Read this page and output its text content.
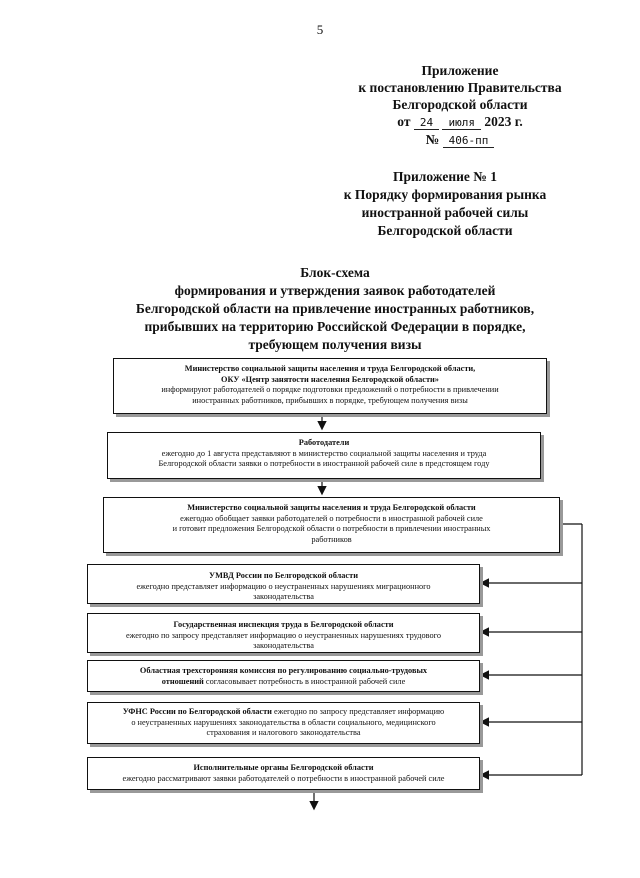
5
Приложение
к постановлению Правительства
Белгородской области
от 24 июля 2023 г.
№ 406-пп
Приложение № 1
к Порядку формирования рынка
иностранной рабочей силы
Белгородской области
Блок-схема
формирования и утверждения заявок работодателей
Белгородской области на привлечение иностранных работников,
прибывших на территорию Российской Федерации в порядке,
требующем получения визы
Министерство социальной защиты населения и труда Белгородской области,
ОКУ «Центр занятости населения Белгородской области»
информируют работодателей о порядке подготовки предложений о потребности в привлечении
иностранных работников, прибывших в порядке, требующем получения визы
Работодатели
ежегодно до 1 августа представляют в министерство социальной защиты населения и труда
Белгородской области заявки о потребности в иностранной рабочей силе в предстоящем году
Министерство социальной защиты населения и труда Белгородской области
ежегодно обобщает заявки работодателей о потребности в иностранной рабочей силе
и готовит предложения Белгородской области о потребности в привлечении иностранных
работников
УМВД России по Белгородской области
ежегодно представляет информацию о неустраненных нарушениях миграционного
законодательства
Государственная инспекция труда в Белгородской области
ежегодно по запросу представляет информацию о неустраненных нарушениях трудового
законодательства
Областная трехсторонняя комиссия по регулированию социально-трудовых
отношений согласовывает потребность в иностранной рабочей силе
УФНС России по Белгородской области ежегодно по запросу представляет информацию
о неустраненных нарушениях законодательства в области социального, медицинского
страхования и налогового законодательства
Исполнительные органы Белгородской области
ежегодно рассматривают заявки работодателей о потребности в иностранной рабочей силе
